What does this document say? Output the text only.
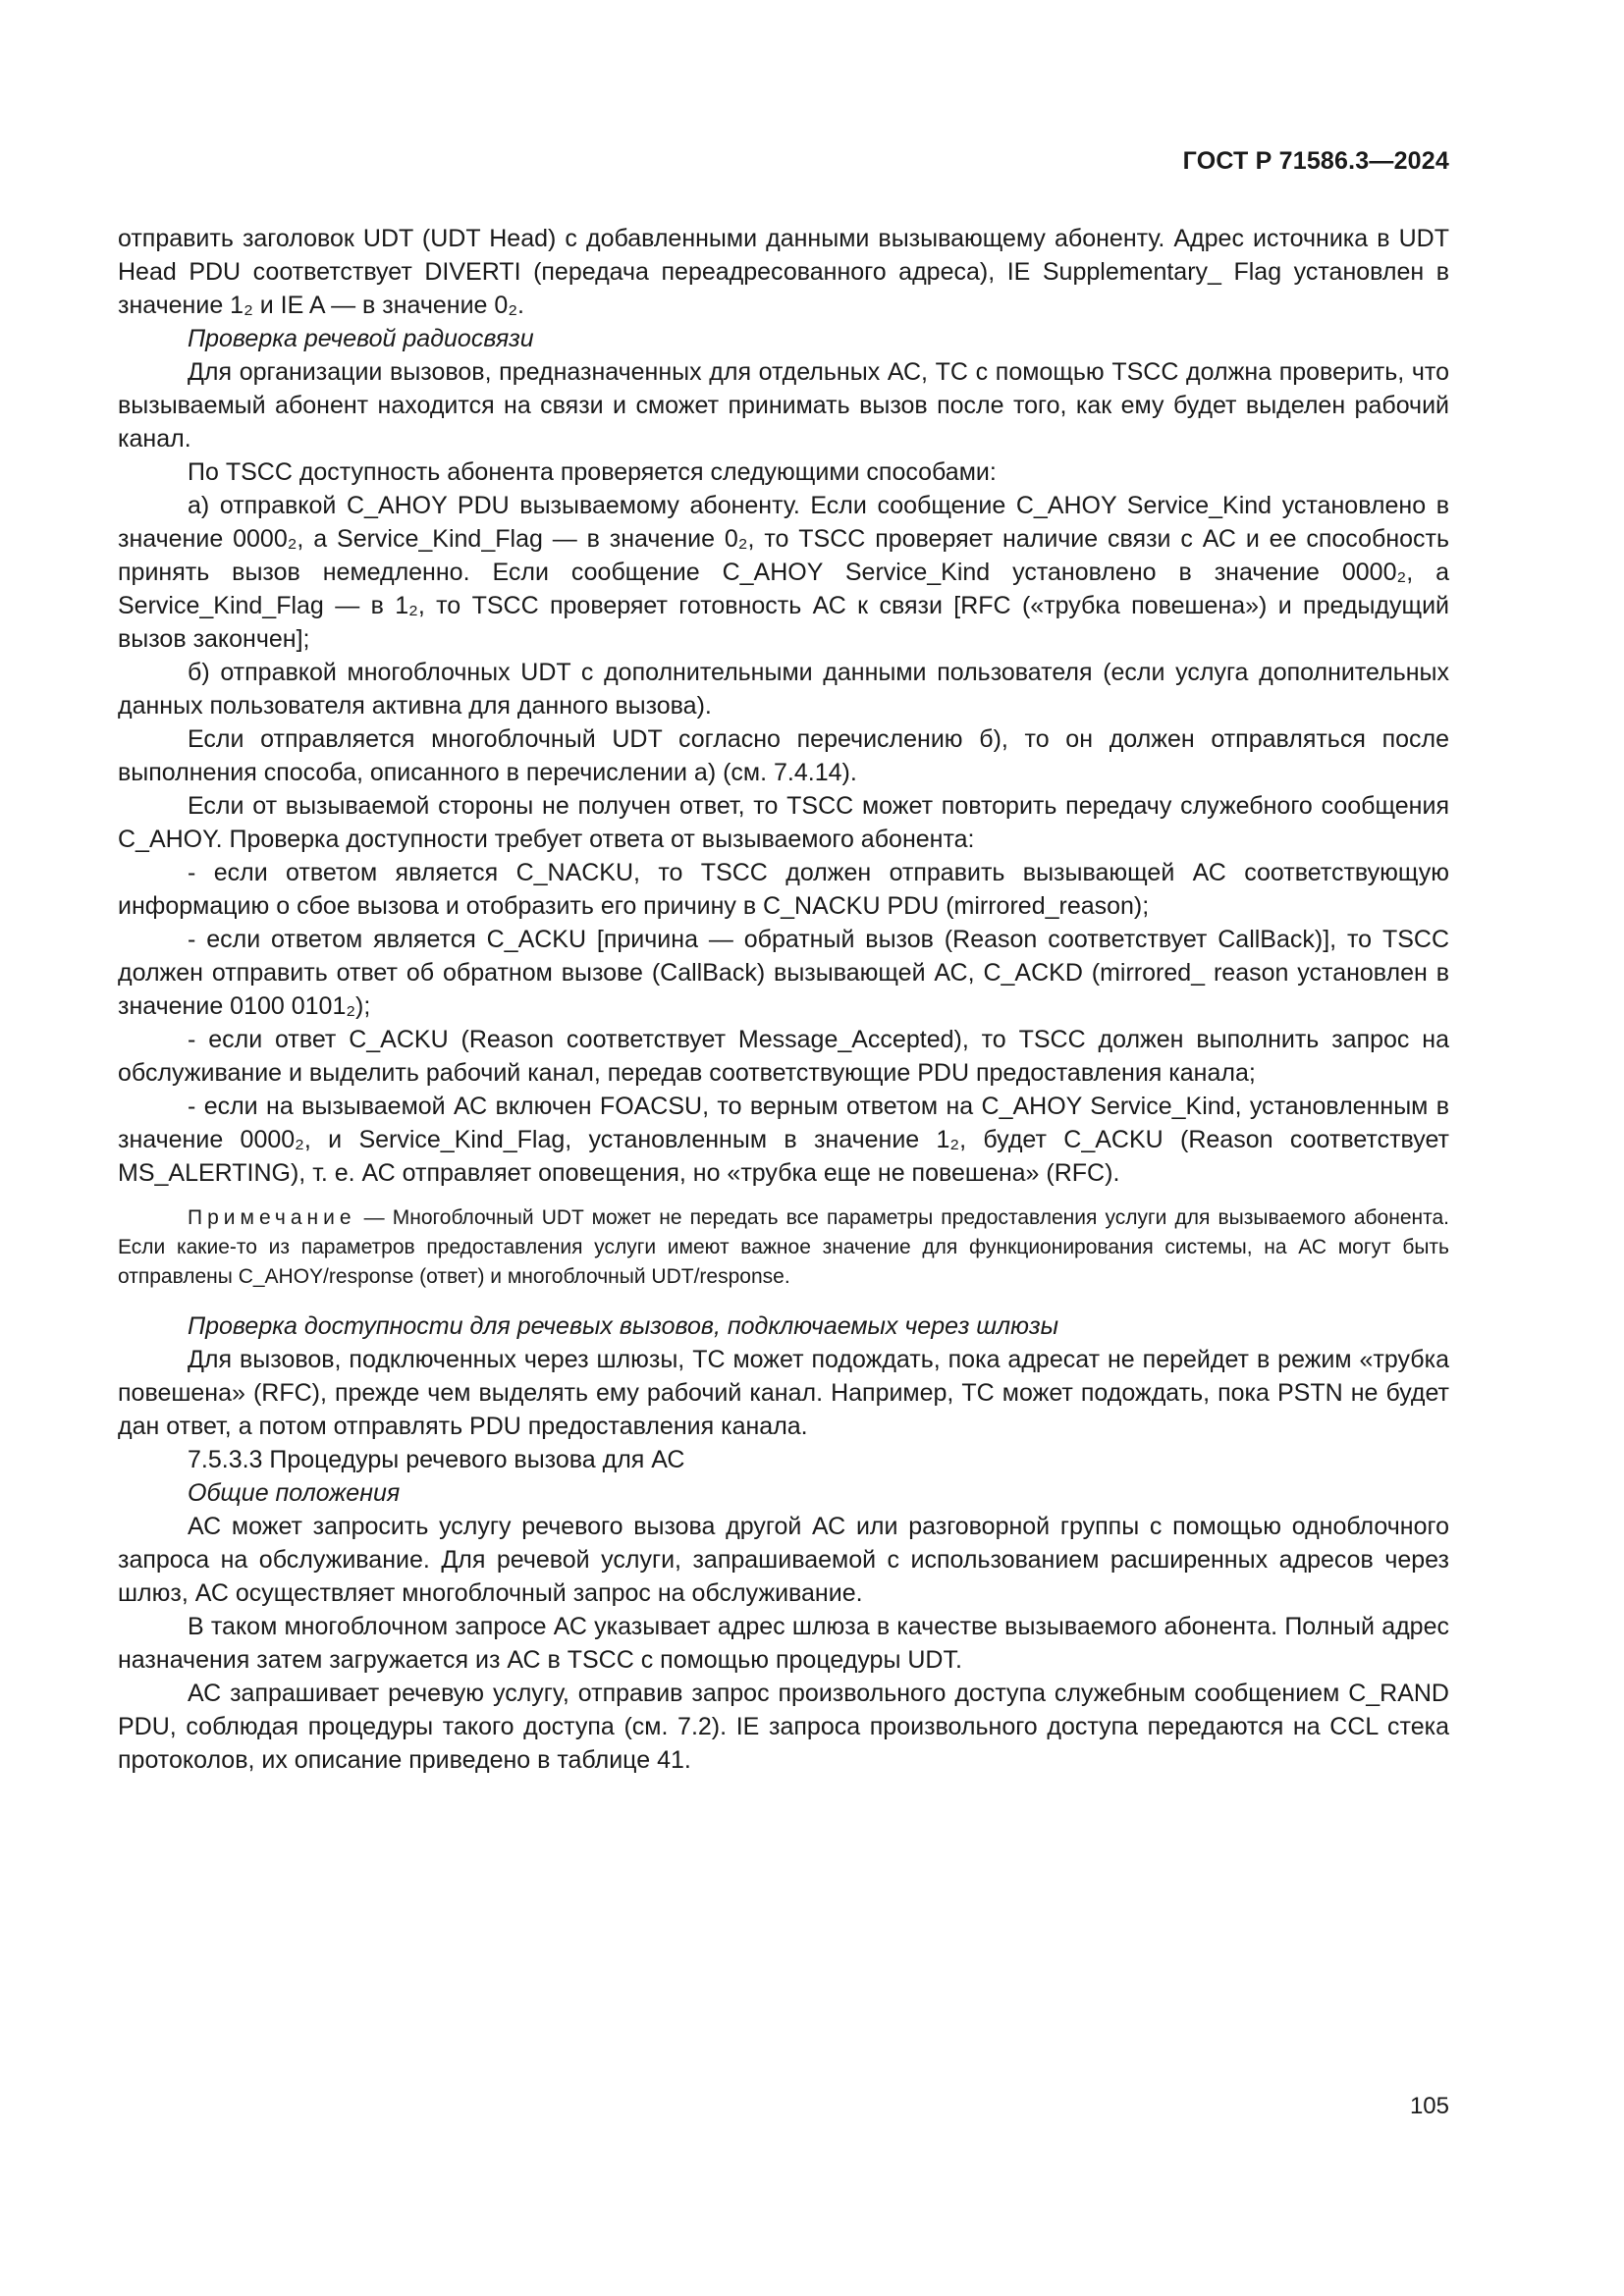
ГОСТ Р 71586.3—2024

отправить заголовок UDT (UDT Head) с добавленными данными вызывающему абоненту. Адрес источника в UDT Head PDU соответствует DIVERTI (передача переадресованного адреса), IE Supplementary_ Flag установлен в значение 1₂ и IE A — в значение 0₂.

Проверка речевой радиосвязи

Для организации вызовов, предназначенных для отдельных АС, ТС с помощью TSCC должна проверить, что вызываемый абонент находится на связи и сможет принимать вызов после того, как ему будет выделен рабочий канал.

По TSCC доступность абонента проверяется следующими способами:

а) отправкой C_AHOY PDU вызываемому абоненту. Если сообщение C_AHOY Service_Kind установлено в значение 0000₂, а Service_Kind_Flag — в значение 0₂, то TSCC проверяет наличие связи с АС и ее способность принять вызов немедленно. Если сообщение C_AHOY Service_Kind установлено в значение 0000₂, а Service_Kind_Flag — в 1₂, то TSCC проверяет готовность АС к связи [RFC («трубка повешена») и предыдущий вызов закончен];

б) отправкой многоблочных UDT с дополнительными данными пользователя (если услуга дополнительных данных пользователя активна для данного вызова).

Если отправляется многоблочный UDT согласно перечислению б), то он должен отправляться после выполнения способа, описанного в перечислении а) (см. 7.4.14).

Если от вызываемой стороны не получен ответ, то TSCC может повторить передачу служебного сообщения C_AHOY. Проверка доступности требует ответа от вызываемого абонента:

- если ответом является C_NACKU, то TSCC должен отправить вызывающей АС соответствующую информацию о сбое вызова и отобразить его причину в C_NACKU PDU (mirrored_reason);

- если ответом является C_ACKU [причина — обратный вызов (Reason соответствует CallBack)], то TSCC должен отправить ответ об обратном вызове (CallBack) вызывающей АС, C_ACKD (mirrored_ reason установлен в значение 0100 0101₂);

- если ответ C_ACKU (Reason соответствует Message_Accepted), то TSCC должен выполнить запрос на обслуживание и выделить рабочий канал, передав соответствующие PDU предоставления канала;

- если на вызываемой АС включен FOACSU, то верным ответом на C_AHOY Service_Kind, установленным в значение 0000₂, и Service_Kind_Flag, установленным в значение 1₂, будет C_ACKU (Reason соответствует MS_ALERTING), т. е. АС отправляет оповещения, но «трубка еще не повешена» (RFC).

Примечание — Многоблочный UDT может не передать все параметры предоставления услуги для вызываемого абонента. Если какие-то из параметров предоставления услуги имеют важное значение для функционирования системы, на АС могут быть отправлены C_AHOY/response (ответ) и многоблочный UDT/response.

Проверка доступности для речевых вызовов, подключаемых через шлюзы

Для вызовов, подключенных через шлюзы, ТС может подождать, пока адресат не перейдет в режим «трубка повешена» (RFC), прежде чем выделять ему рабочий канал. Например, ТС может подождать, пока PSTN не будет дан ответ, а потом отправлять PDU предоставления канала.

7.5.3.3 Процедуры речевого вызова для АС

Общие положения

АС может запросить услугу речевого вызова другой АС или разговорной группы с помощью одноблочного запроса на обслуживание. Для речевой услуги, запрашиваемой с использованием расширенных адресов через шлюз, АС осуществляет многоблочный запрос на обслуживание.

В таком многоблочном запросе АС указывает адрес шлюза в качестве вызываемого абонента. Полный адрес назначения затем загружается из АС в TSCC с помощью процедуры UDT.

АС запрашивает речевую услугу, отправив запрос произвольного доступа служебным сообщением C_RAND PDU, соблюдая процедуры такого доступа (см. 7.2). IE запроса произвольного доступа передаются на CCL стека протоколов, их описание приведено в таблице 41.

105
